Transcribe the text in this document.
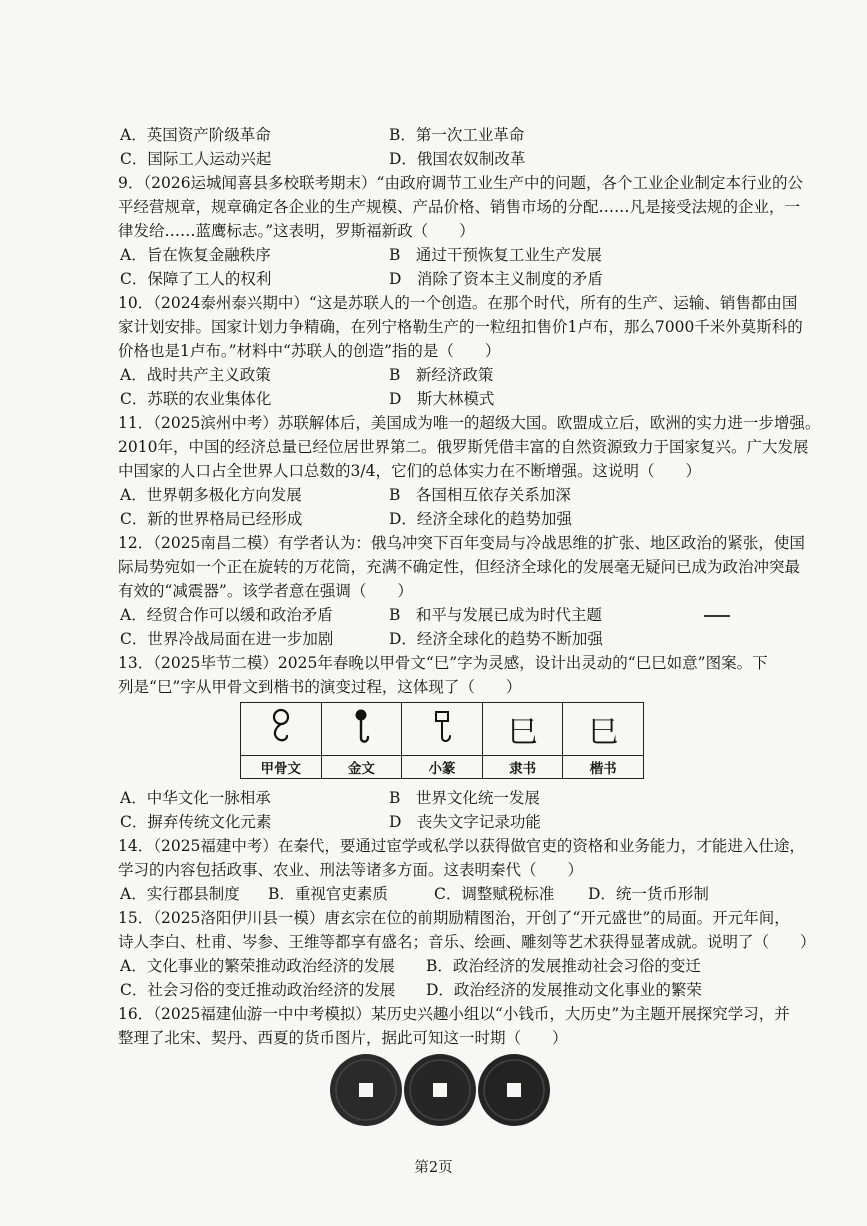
A．英国资产阶级革命	B．第一次工业革命
C．国际工人运动兴起	D．俄国农奴制改革
9．（2026运城闻喜县多校联考期末）“由政府调节工业生产中的问题，各个工业企业制定本行业的公
平经营规章，规章确定各企业的生产规模、产品价格、销售市场的分配……凡是接受法规的企业，一
律发给……蓝鹰标志。”这表明，罗斯福新政（　　）
A．旨在恢复金融秩序	B　通过干预恢复工业生产发展
C．保障了工人的权利	D　消除了资本主义制度的矛盾
10．（2024泰州泰兴期中）“这是苏联人的一个创造。在那个时代，所有的生产、运输、销售都由国
家计划安排。国家计划力争精确，在列宁格勒生产的一粒纽扣售价1卢布，那么7000千米外莫斯科的
价格也是1卢布。”材料中“苏联人的创造”指的是（　　）
A．战时共产主义政策	B　新经济政策
C．苏联的农业集体化	D　斯大林模式
11．（2025滨州中考）苏联解体后，美国成为唯一的超级大国。欧盟成立后，欧洲的实力进一步增强。
2010年，中国的经济总量已经位居世界第二。俄罗斯凭借丰富的自然资源致力于国家复兴。广大发展
中国家的人口占全世界人口总数的3/4，它们的总体实力在不断增强。这说明（　　）
A．世界朝多极化方向发展	B　各国相互依存关系加深
C．新的世界格局已经形成	D．经济全球化的趋势加强
12．（2025南昌二模）有学者认为：俄乌冲突下百年变局与冷战思维的扩张、地区政治的紧张，使国
际局势宛如一个正在旋转的万花筒，充满不确定性，但经济全球化的发展毫无疑问已成为政治冲突最
有效的“减震器”。该学者意在强调（　　）
A．经贸合作可以缓和政治矛盾	B　和平与发展已成为时代主题
C．世界冷战局面在进一步加剧	D．经济全球化的趋势不断加强
13．（2025毕节二模）2025年春晚以甲骨文“巳”字为灵感，设计出灵动的“巳巳如意”图案。下
列是“巳”字从甲骨文到楷书的演变过程，这体现了（　　）
			巳	巳
甲骨文	金文	小篆	隶书	楷书
A．中华文化一脉相承	B　世界文化统一发展
C．摒弃传统文化元素	D　丧失文字记录功能
14．（2025福建中考）在秦代，要通过宦学或私学以获得做官吏的资格和业务能力，才能进入仕途，
学习的内容包括政事、农业、刑法等诸多方面。这表明秦代（　　）
A．实行郡县制度 B．重视官吏素质	C．调整赋税标准 D．统一货币形制
15．（2025洛阳伊川县一模）唐玄宗在位的前期励精图治，开创了“开元盛世”的局面。开元年间，
诗人李白、杜甫、岑参、王维等都享有盛名；音乐、绘画、雕刻等艺术获得显著成就。说明了（　　）
A．文化事业的繁荣推动政治经济的发展 B．政治经济的发展推动社会习俗的变迁
C．社会习俗的变迁推动政治经济的发展 D．政治经济的发展推动文化事业的繁荣
16．（2025福建仙游一中中考模拟）某历史兴趣小组以“小钱币，大历史”为主题开展探究学习，并
整理了北宋、契丹、西夏的货币图片，据此可知这一时期（　　）
第2页
